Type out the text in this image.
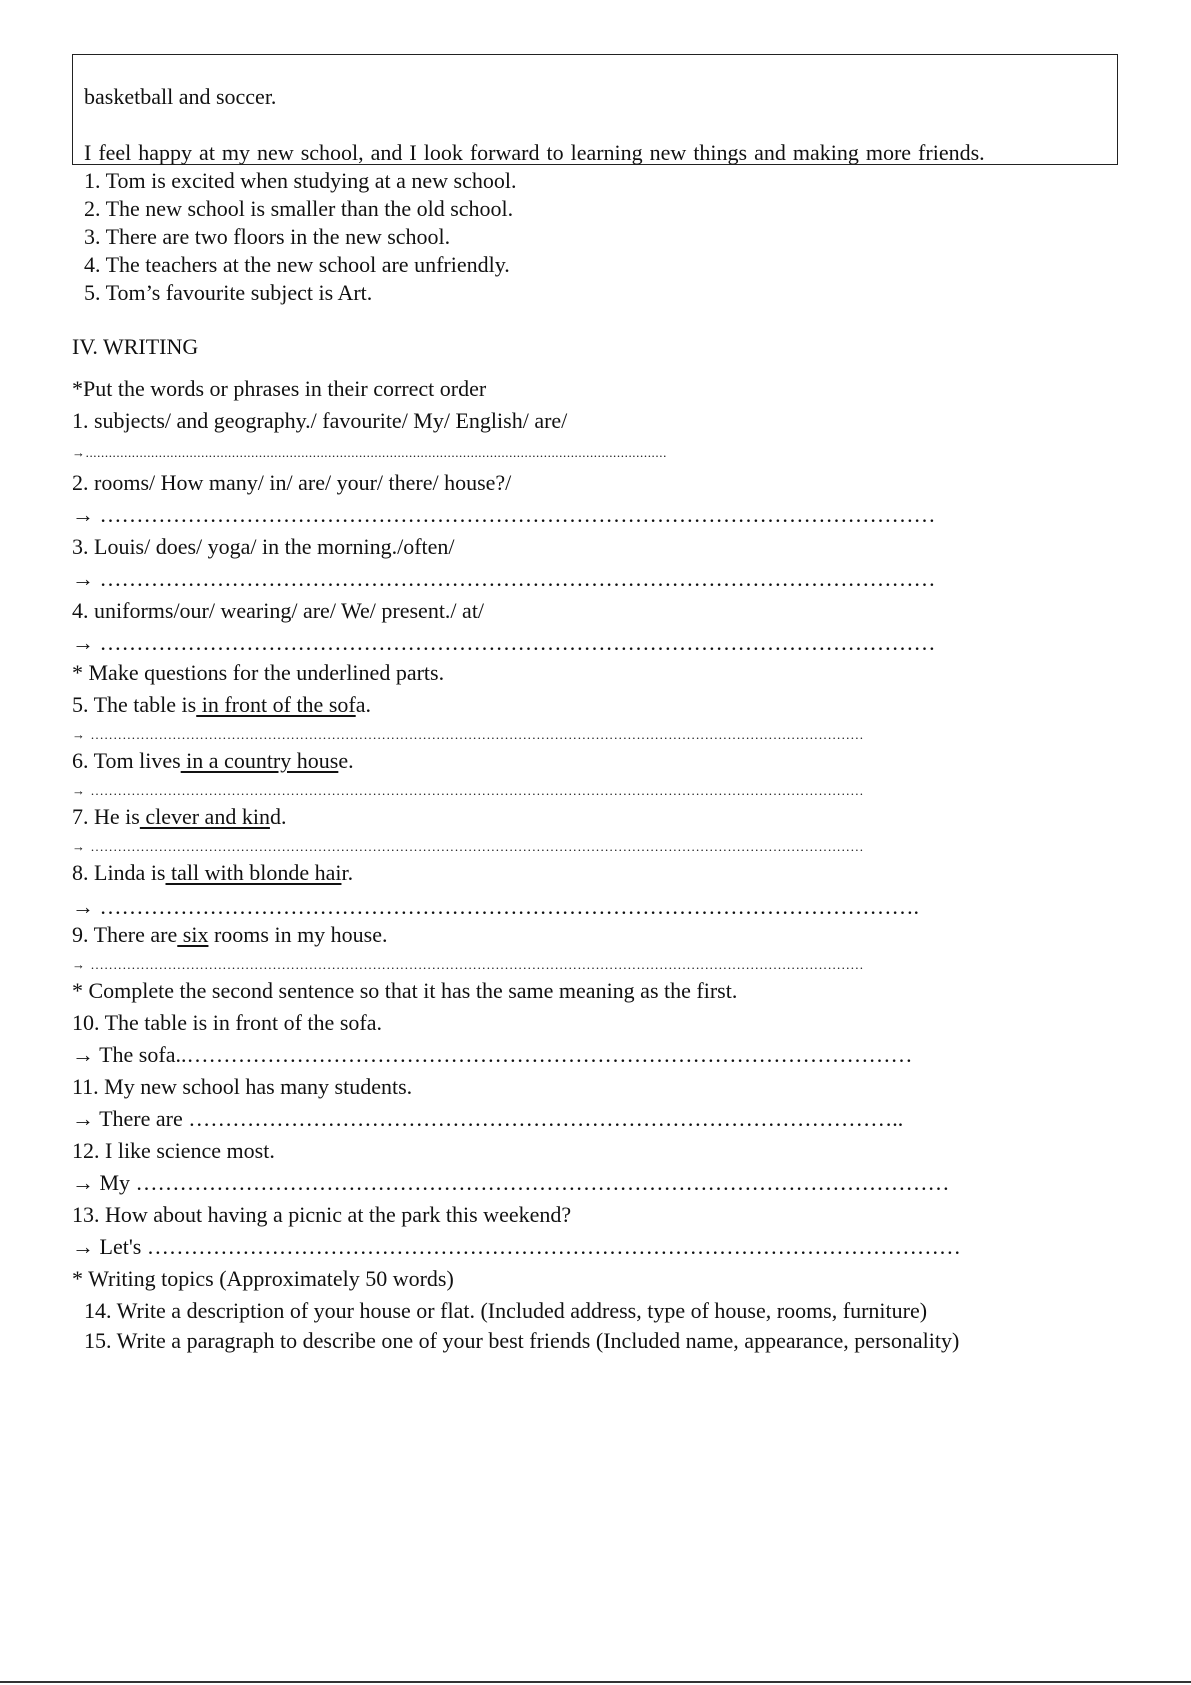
basketball and soccer.
I feel happy at my new school, and I look forward to learning new things and making more friends.
1. Tom is excited when studying at a new school.
2. The new school is smaller than the old school.
3. There are two floors in the new school.
4. The teachers at the new school are unfriendly.
5. Tom’s favourite subject is Art.
IV. WRITING
*Put the words or phrases in their correct order
1. subjects/ and geography./ favourite/ My/ English/ are/
→.......................................................................................................................................................
2. rooms/ How many/ in/ are/ your/ there/ house?/
→ ……………………………………………………………………………………………………
3. Louis/ does/ yoga/ in the morning./often/
→ ……………………………………………………………………………………………………
4. uniforms/our/ wearing/ are/ We/ present./ at/
→ ……………………………………………………………………………………………………
* Make questions for the underlined parts.
5. The table is in front of the sofa.
→ ..........................................................................................................................................................................
6. Tom lives in a country house.
→ ..........................................................................................................................................................................
7. He is clever and kind.
→ ..........................................................................................................................................................................
8. Linda is tall with blonde hair.
→ ………………………………………………………………………………………………….
9. There are six rooms in my house.
→ ..........................................................................................................................................................................
* Complete the second sentence so that it has the same meaning as the first.
10. The table is in front of the sofa.
→ The sofa..………………………………………………………………………………………
11. My new school has many students.
→ There are ……………………………………………………………………………………..
12. I like science most.
→ My …………………………………………………………………………………………………
13. How about having a picnic at the park this weekend?
→ Let's …………………………………………………………………………………………………
* Writing topics (Approximately 50 words)
14. Write a description of your house or flat. (Included address, type of house, rooms, furniture)
15. Write a paragraph to describe one of your best friends (Included name, appearance, personality)
